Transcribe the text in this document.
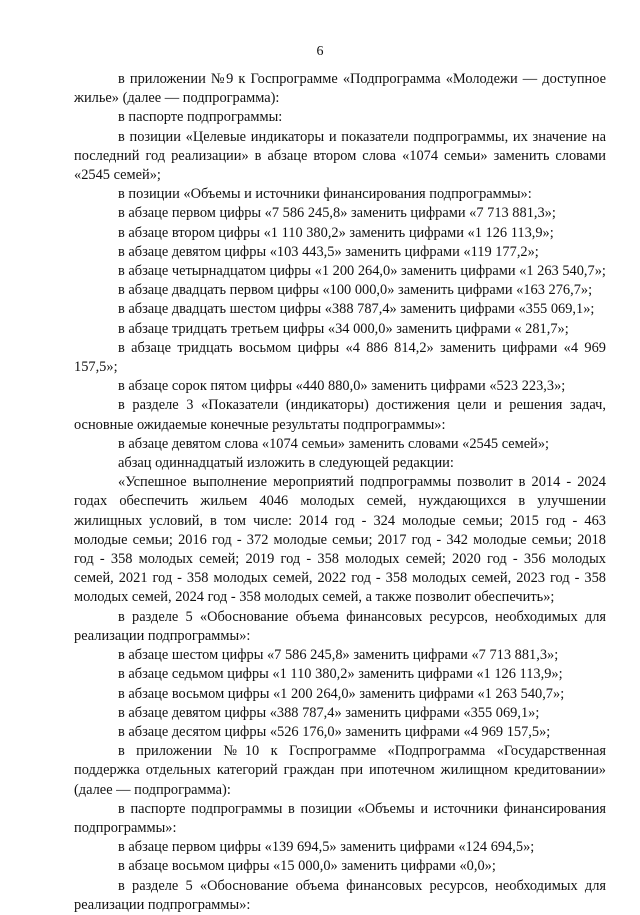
6

в приложении №9 к Госпрограмме «Подпрограмма «Молодежи — доступное жилье» (далее — подпрограмма):

в паспорте подпрограммы:

в позиции «Целевые индикаторы и показатели подпрограммы, их значение на последний год реализации» в абзаце втором слова «1074 семьи» заменить словами «2545 семей»;

в позиции «Объемы и источники финансирования подпрограммы»:

в абзаце первом цифры «7 586 245,8» заменить цифрами «7 713 881,3»;

в абзаце втором цифры «1 110 380,2» заменить цифрами «1 126 113,9»;

в абзаце девятом цифры «103 443,5» заменить цифрами «119 177,2»;

в абзаце четырнадцатом цифры «1 200 264,0» заменить цифрами «1 263 540,7»;

в абзаце двадцать первом цифры «100 000,0» заменить цифрами «163 276,7»;

в абзаце двадцать шестом цифры «388 787,4» заменить цифрами «355 069,1»;

в абзаце тридцать третьем цифры «34 000,0» заменить цифрами « 281,7»;

в абзаце тридцать восьмом цифры «4 886 814,2» заменить цифрами «4 969 157,5»;

в абзаце сорок пятом цифры «440 880,0» заменить цифрами «523 223,3»;

в разделе 3 «Показатели (индикаторы) достижения цели и решения задач, основные ожидаемые конечные результаты подпрограммы»:

в абзаце девятом слова «1074 семьи» заменить словами «2545 семей»;

абзац одиннадцатый изложить в следующей редакции:

«Успешное выполнение мероприятий подпрограммы позволит в 2014 - 2024 годах обеспечить жильем 4046 молодых семей, нуждающихся в улучшении жилищных условий, в том числе: 2014 год - 324 молодые семьи; 2015 год - 463 молодые семьи; 2016 год - 372 молодые семьи; 2017 год - 342 молодые семьи; 2018 год - 358 молодых семей; 2019 год - 358 молодых семей; 2020 год - 356 молодых семей, 2021 год - 358 молодых семей, 2022 год - 358 молодых семей, 2023 год - 358 молодых семей, 2024 год - 358 молодых семей, а также позволит обеспечить»;

в разделе 5 «Обоснование объема финансовых ресурсов, необходимых для реализации подпрограммы»:

в абзаце шестом цифры «7 586 245,8» заменить цифрами «7 713 881,3»;

в абзаце седьмом цифры «1 110 380,2» заменить цифрами «1 126 113,9»;

в абзаце восьмом цифры «1 200 264,0» заменить цифрами «1 263 540,7»;

в абзаце девятом цифры «388 787,4» заменить цифрами «355 069,1»;

в абзаце десятом цифры «526 176,0» заменить цифрами «4 969 157,5»;

в приложении №10 к Госпрограмме «Подпрограмма «Государственная поддержка отдельных категорий граждан при ипотечном жилищном кредитовании» (далее — подпрограмма):

в паспорте подпрограммы в позиции «Объемы и источники финансирования подпрограммы»:

в абзаце первом цифры «139 694,5» заменить цифрами «124 694,5»;

в абзаце восьмом цифры «15 000,0» заменить цифрами «0,0»;

в разделе 5 «Обоснование объема финансовых ресурсов, необходимых для реализации подпрограммы»:
